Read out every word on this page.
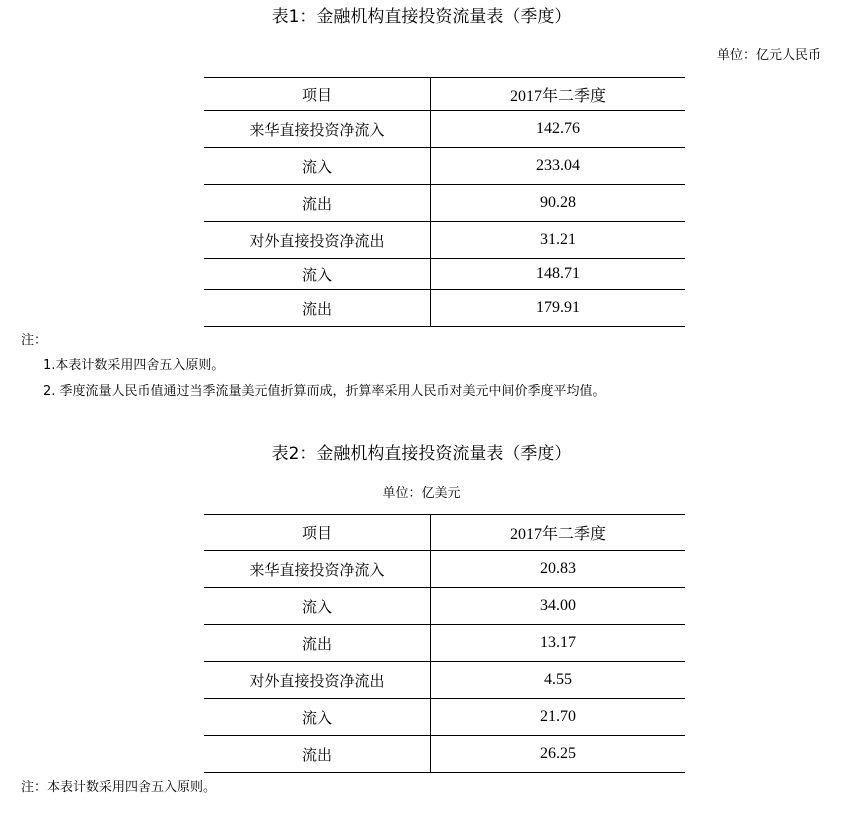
表1：金融机构直接投资流量表（季度）
单位：亿元人民币
项目	2017年二季度
来华直接投资净流入	142.76
流入	233.04
流出	90.28
对外直接投资净流出	31.21
流入	148.71
流出	179.91
注：
1.本表计数采用四舍五入原则。
2. 季度流量人民币值通过当季流量美元值折算而成，折算率采用人民币对美元中间价季度平均值。
表2：金融机构直接投资流量表（季度）
单位：亿美元
项目	2017年二季度
来华直接投资净流入	20.83
流入	34.00
流出	13.17
对外直接投资净流出	4.55
流入	21.70
流出	26.25
注：本表计数采用四舍五入原则。
